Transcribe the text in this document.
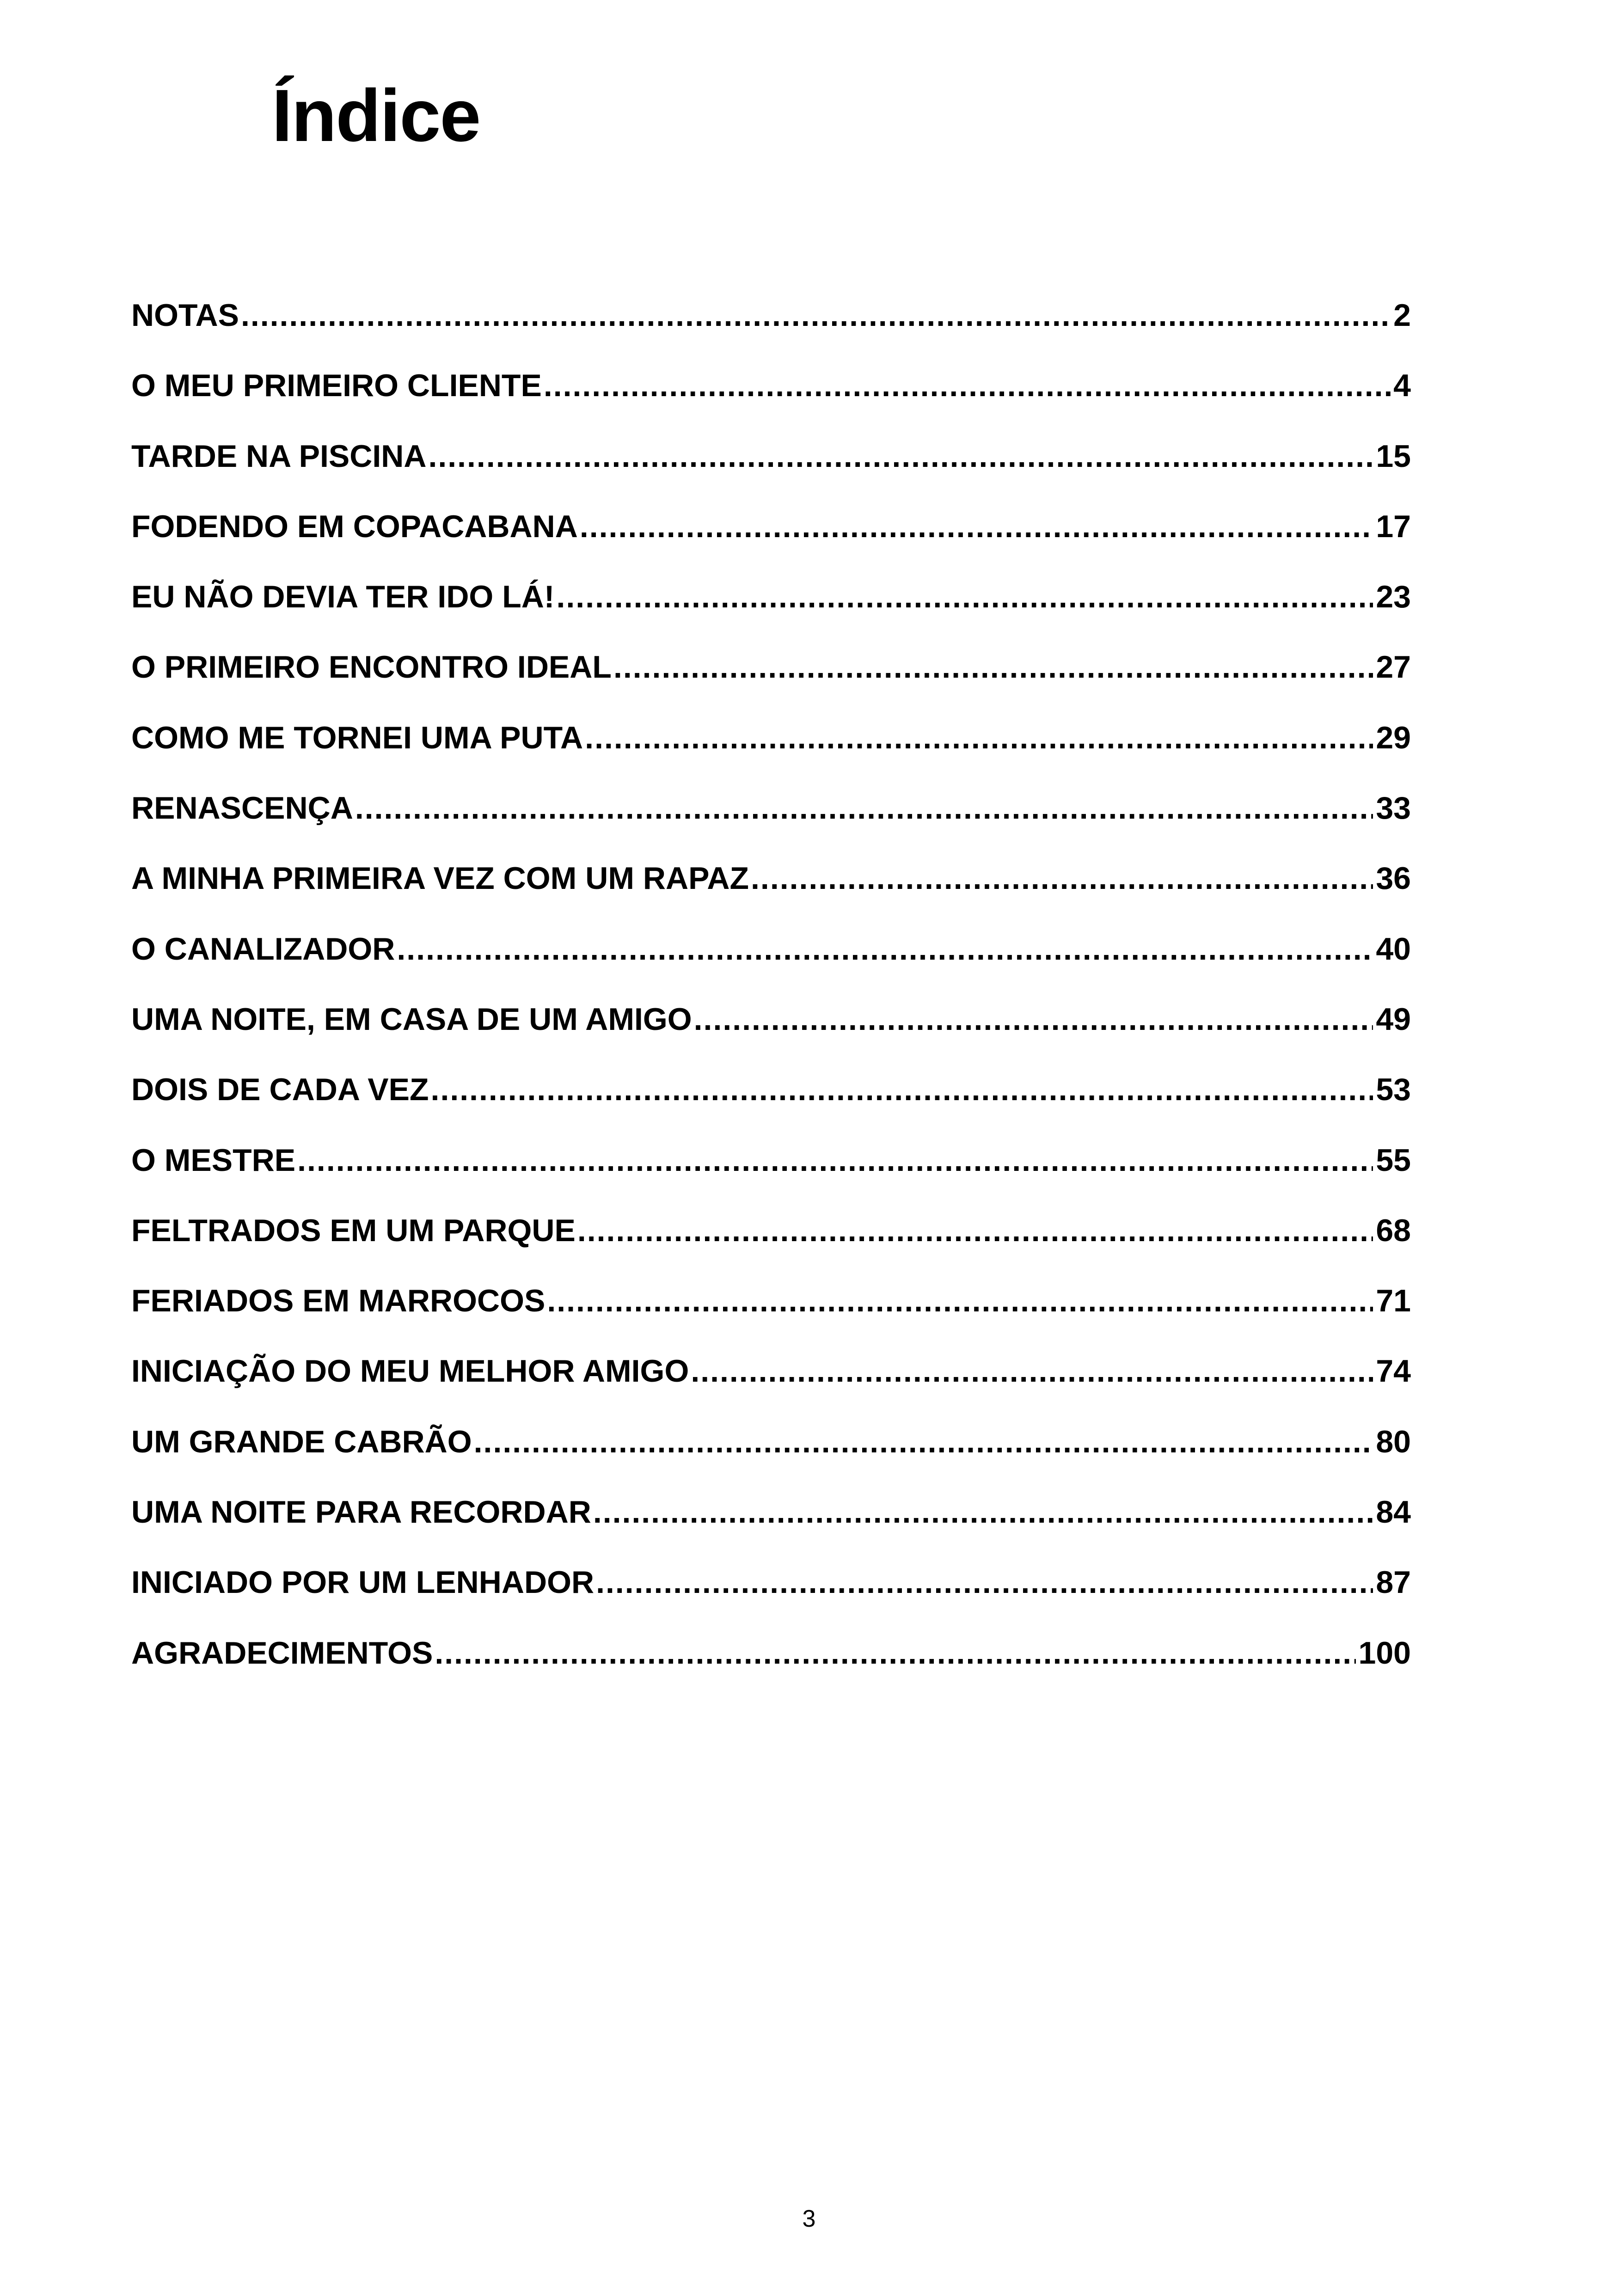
Índice
NOTAS .....	2
O MEU PRIMEIRO CLIENTE .....	4
TARDE NA PISCINA .....	15
FODENDO EM COPACABANA .....	17
EU NÃO DEVIA TER IDO LÁ! .....	23
O PRIMEIRO ENCONTRO IDEAL .....	27
COMO ME TORNEI UMA PUTA .....	29
RENASCENÇA .....	33
A MINHA PRIMEIRA VEZ COM UM RAPAZ .....	36
O CANALIZADOR .....	40
UMA NOITE, EM CASA DE UM AMIGO .....	49
DOIS DE CADA VEZ .....	53
O MESTRE .....	55
FELTRADOS EM UM PARQUE .....	68
FERIADOS EM MARROCOS .....	71
INICIAÇÃO DO MEU MELHOR AMIGO .....	74
UM GRANDE CABRÃO .....	80
UMA NOITE PARA RECORDAR .....	84
INICIADO POR UM LENHADOR .....	87
AGRADECIMENTOS .....	100
3
